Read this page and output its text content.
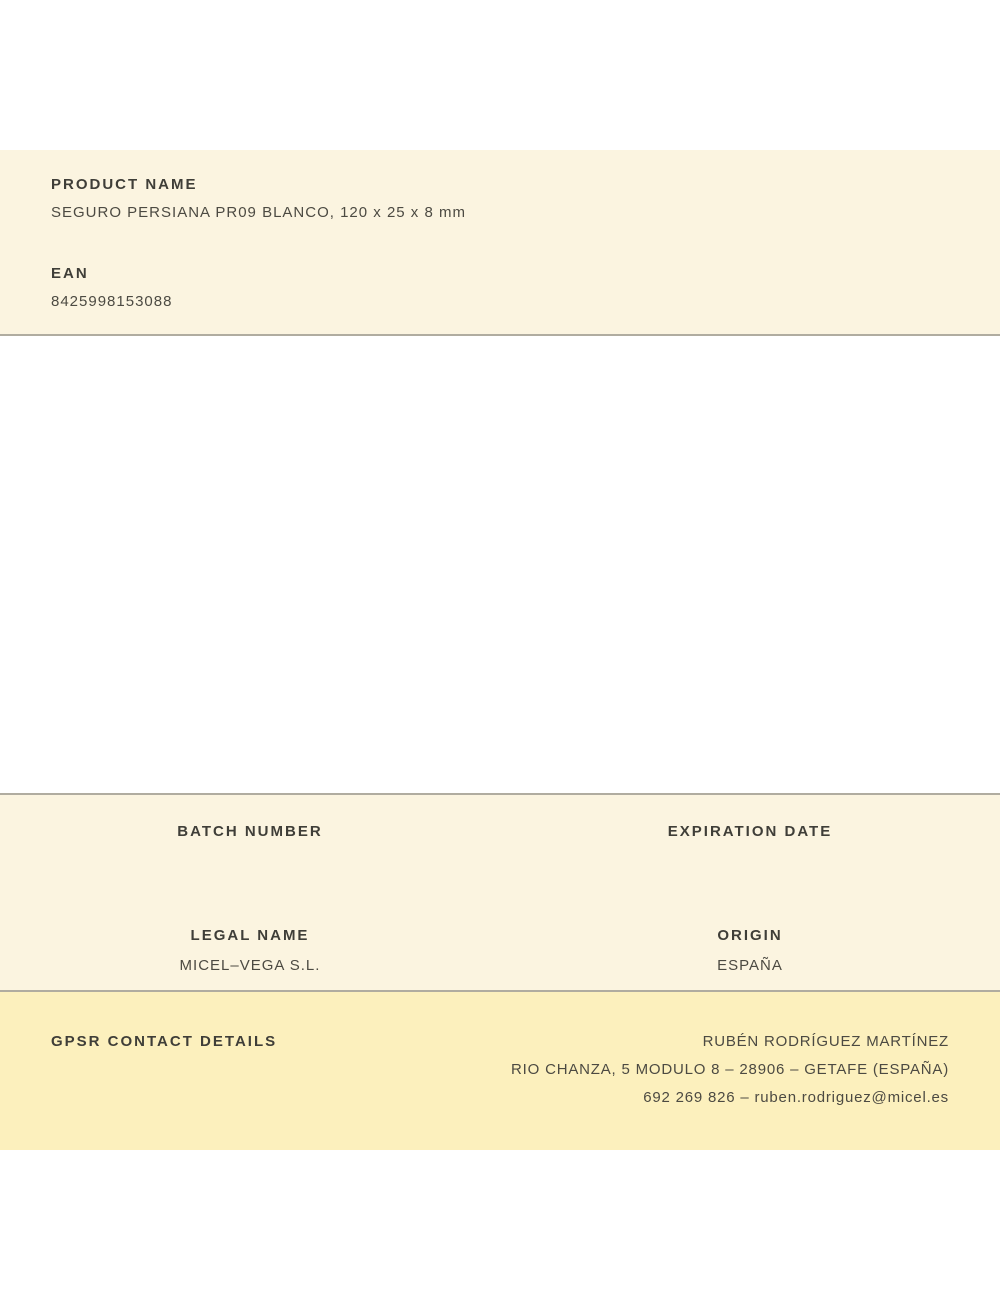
PRODUCT NAME
SEGURO PERSIANA PR09 BLANCO, 120 x 25 x 8 mm
EAN
8425998153088
BATCH NUMBER	EXPIRATION DATE
LEGAL NAME
MICEL–VEGA S.L.
ORIGIN
ESPAÑA
GPSR CONTACT DETAILS	RUBÉN RODRÍGUEZ MARTÍNEZ
RIO CHANZA, 5 MODULO 8 – 28906 – GETAFE (ESPAÑA)
692 269 826 – ruben.rodriguez@micel.es
